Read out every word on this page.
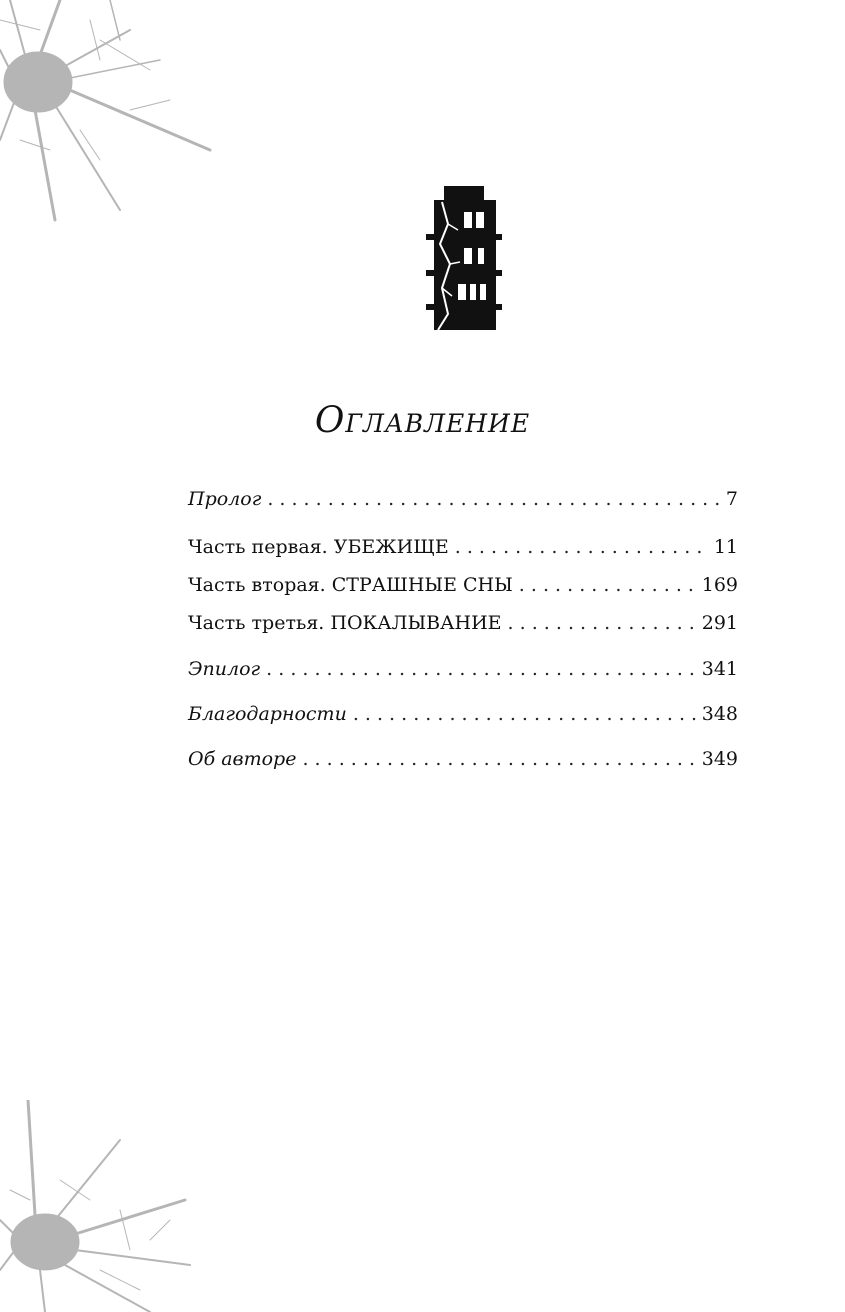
Оглавление
Пролог . . .	7
Часть первая. УБЕЖИЩЕ . . .	11
Часть вторая. СТРАШНЫЕ СНЫ . . .	169
Часть третья. ПОКАЛЫВАНИЕ . . .	291
Эпилог . . .	341
Благодарности . . .	348
Об авторе . . .	349
